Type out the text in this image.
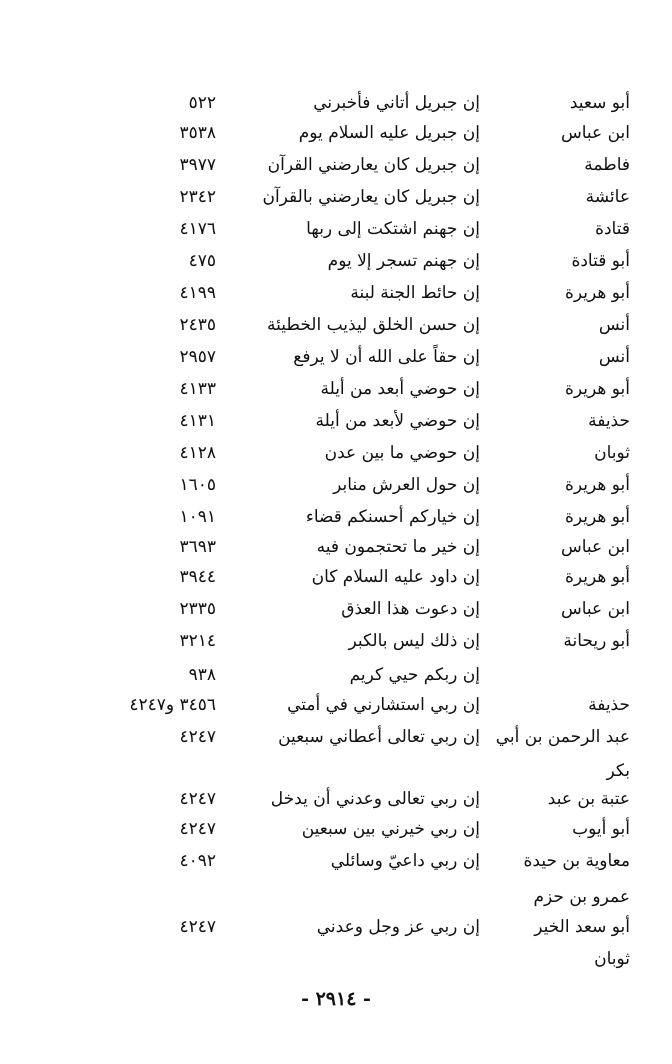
أبو سعيد
إن جبريل أتاني فأخبرني
٥٢٢
ابن عباس
إن جبريل عليه السلام يوم
٣٥٣٨
فاطمة
إن جبريل كان يعارضني القرآن
٣٩٧٧
عائشة
إن جبريل كان يعارضني بالقرآن
٢٣٤٢
قتادة
إن جهنم اشتكت إلى ربها
٤١٧٦
أبو قتادة
إن جهنم تسجر إلا يوم
٤٧٥
أبو هريرة
إن حائط الجنة لبنة
٤١٩٩
أنس
إن حسن الخلق ليذيب الخطيئة
٢٤٣٥
أنس
إن حقاً على الله أن لا يرفع
٢٩٥٧
أبو هريرة
إن حوضي أبعد من أيلة
٤١٣٣
حذيفة
إن حوضي لأبعد من أيلة
٤١٣١
ثوبان
إن حوضي ما بين عدن
٤١٢٨
أبو هريرة
إن حول العرش منابر
١٦٠٥
أبو هريرة
إن خياركم أحسنكم قضاء
١٠٩١
ابن عباس
إن خير ما تحتجمون فيه
٣٦٩٣
أبو هريرة
إن داود عليه السلام كان
٣٩٤٤
ابن عباس
إن دعوت هذا العذق
٢٣٣٥
أبو ريحانة
إن ذلك ليس بالكبر
٣٢١٤
إن ربكم حيي كريم
٩٣٨
حذيفة
إن ربي استشارني في أمتي
٣٤٥٦ و٤٢٤٧
عبد الرحمن بن أبي
إن ربي تعالى أعطاني سبعين
٤٢٤٧
بكر
عتبة بن عبد
إن ربي تعالى وعدني أن يدخل
٤٢٤٧
أبو أيوب
إن ربي خيرني بين سبعين
٤٢٤٧
معاوية بن حيدة
إن ربي داعيّ وسائلي
٤٠٩٢
عمرو بن حزم
أبو سعد الخير
إن ربي عز وجل وعدني
٤٢٤٧
ثوبان
- ٢٩١٤ -
